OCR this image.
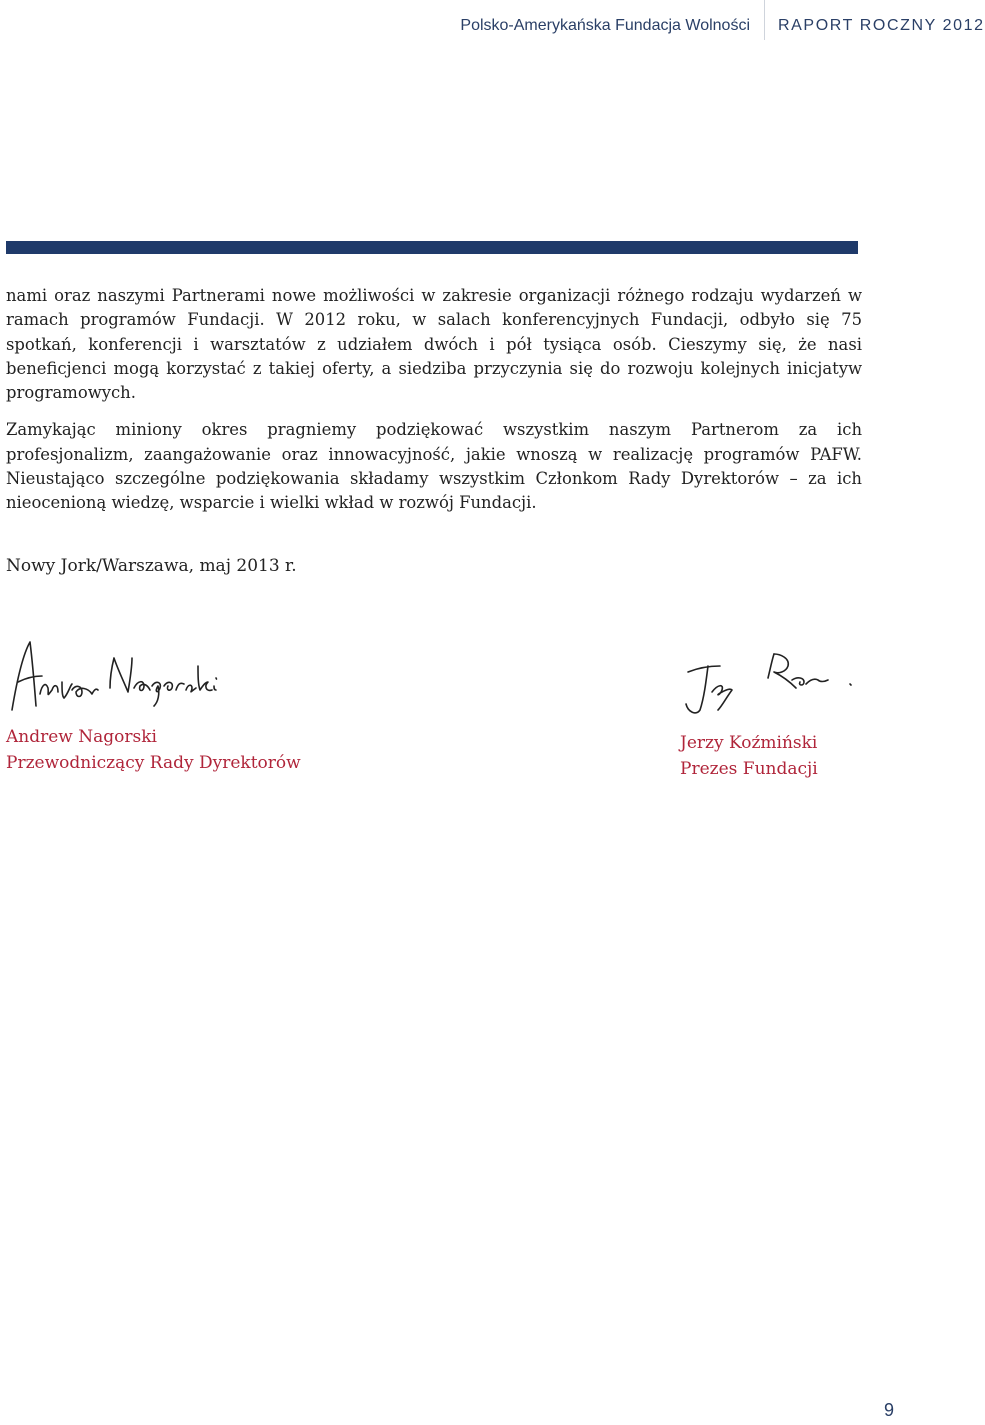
Polsko-Amerykańska Fundacja Wolności RAPORT ROCZNY 2012

nami oraz naszymi Partnerami nowe możliwości w zakresie organizacji różnego rodzaju wydarzeń w ramach programów Fundacji. W 2012 roku, w salach konferencyjnych Fundacji, odbyło się 75 spotkań, konferencji i warsztatów z udziałem dwóch i pół tysiąca osób. Cieszymy się, że nasi beneficjenci mogą korzystać z takiej oferty, a siedziba przyczynia się do rozwoju kolejnych inicjatyw programowych.

Zamykając miniony okres pragniemy podziękować wszystkim naszym Partnerom za ich profesjonalizm, zaangażowanie oraz innowacyjność, jakie wnoszą w realizację programów PAFW. Nieustająco szczególne podziękowania składamy wszystkim Członkom Rady Dyrektorów – za ich nieocenioną wiedzę, wsparcie i wielki wkład w rozwój Fundacji.

Nowy Jork/Warszawa, maj 2013 r.
Andrew Nagorski
Przewodniczący Rady Dyrektorów
Jerzy Koźmiński
Prezes Fundacji
9
